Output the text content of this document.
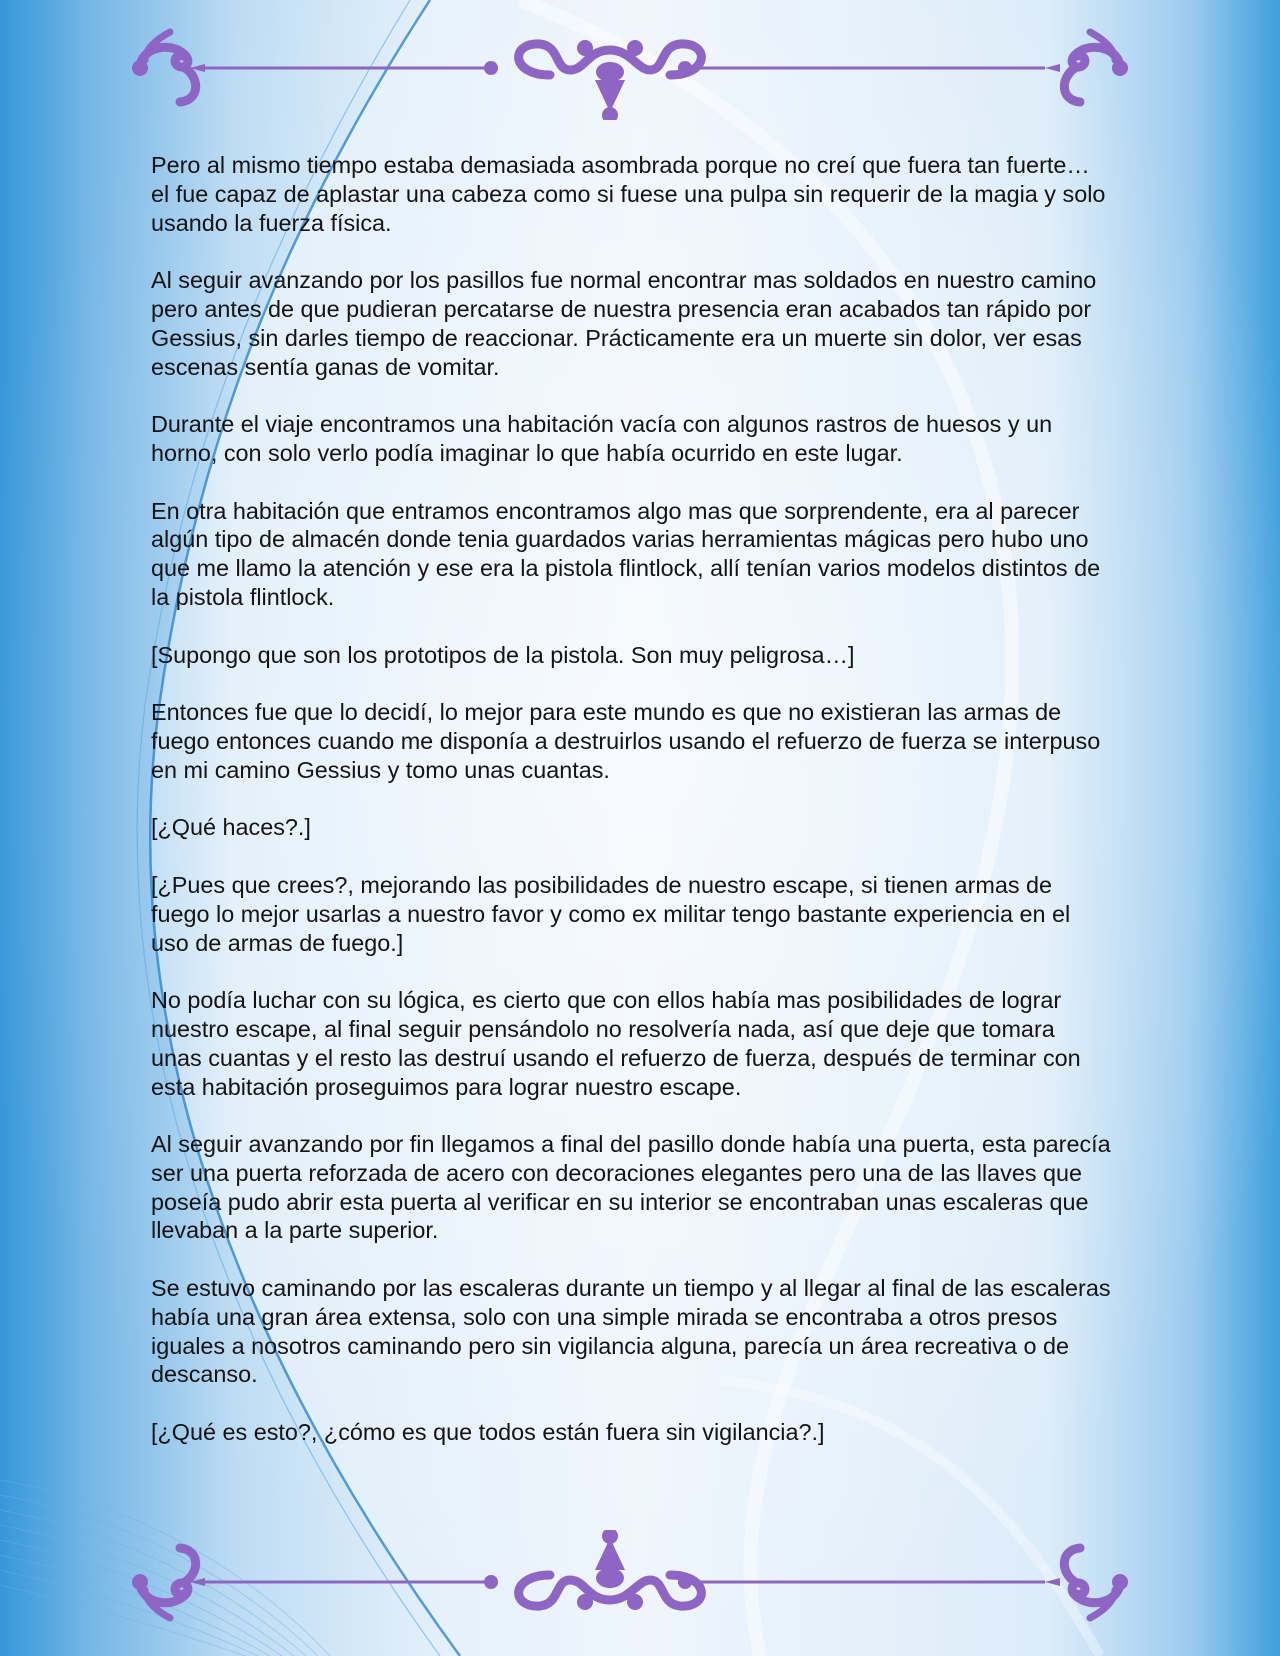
Pero al mismo tiempo estaba demasiada asombrada porque no creí que fuera tan fuerte… el fue capaz de aplastar una cabeza como si fuese una pulpa sin requerir de la magia y solo usando la fuerza física.

Al seguir avanzando por los pasillos fue normal encontrar mas soldados en nuestro camino pero antes de que pudieran percatarse de nuestra presencia eran acabados tan rápido por Gessius, sin darles tiempo de reaccionar. Prácticamente era un muerte sin dolor, ver esas escenas sentía ganas de vomitar.

Durante el viaje encontramos una habitación vacía con algunos rastros de huesos y un horno, con solo verlo podía imaginar lo que había ocurrido en este lugar.

En otra habitación que entramos encontramos algo mas que sorprendente, era al parecer algún tipo de almacén donde tenia guardados varias herramientas mágicas pero hubo uno que me llamo la atención y ese era la pistola flintlock, allí tenían varios modelos distintos de la pistola flintlock.

[Supongo que son los prototipos de la pistola. Son muy peligrosa…]

Entonces fue que lo decidí, lo mejor para este mundo es que no existieran las armas de fuego entonces cuando me disponía a destruirlos usando el refuerzo de fuerza se interpuso en mi camino Gessius y tomo unas cuantas.

[¿Qué haces?.]

[¿Pues que crees?, mejorando las posibilidades de nuestro escape, si tienen armas de fuego lo mejor usarlas a nuestro favor y como ex militar tengo bastante experiencia en el uso de armas de fuego.]

No podía luchar con su lógica, es cierto que con ellos había mas posibilidades de lograr nuestro escape, al final seguir pensándolo no resolvería nada, así que deje que tomara unas cuantas y el resto las destruí usando el refuerzo de fuerza, después de terminar con esta habitación proseguimos para lograr nuestro escape.

Al seguir avanzando por fin llegamos a final del pasillo donde había una puerta, esta parecía ser una puerta reforzada de acero con decoraciones elegantes pero una de las llaves que poseía pudo abrir esta puerta al verificar en su interior se encontraban unas escaleras que llevaban a la parte superior.

Se estuvo caminando por las escaleras durante un tiempo y al llegar al final de las escaleras había una gran área extensa, solo con una simple mirada se encontraba a otros presos iguales a nosotros caminando pero sin vigilancia alguna, parecía un área recreativa o de descanso.

[¿Qué es esto?, ¿cómo es que todos están fuera sin vigilancia?.]
